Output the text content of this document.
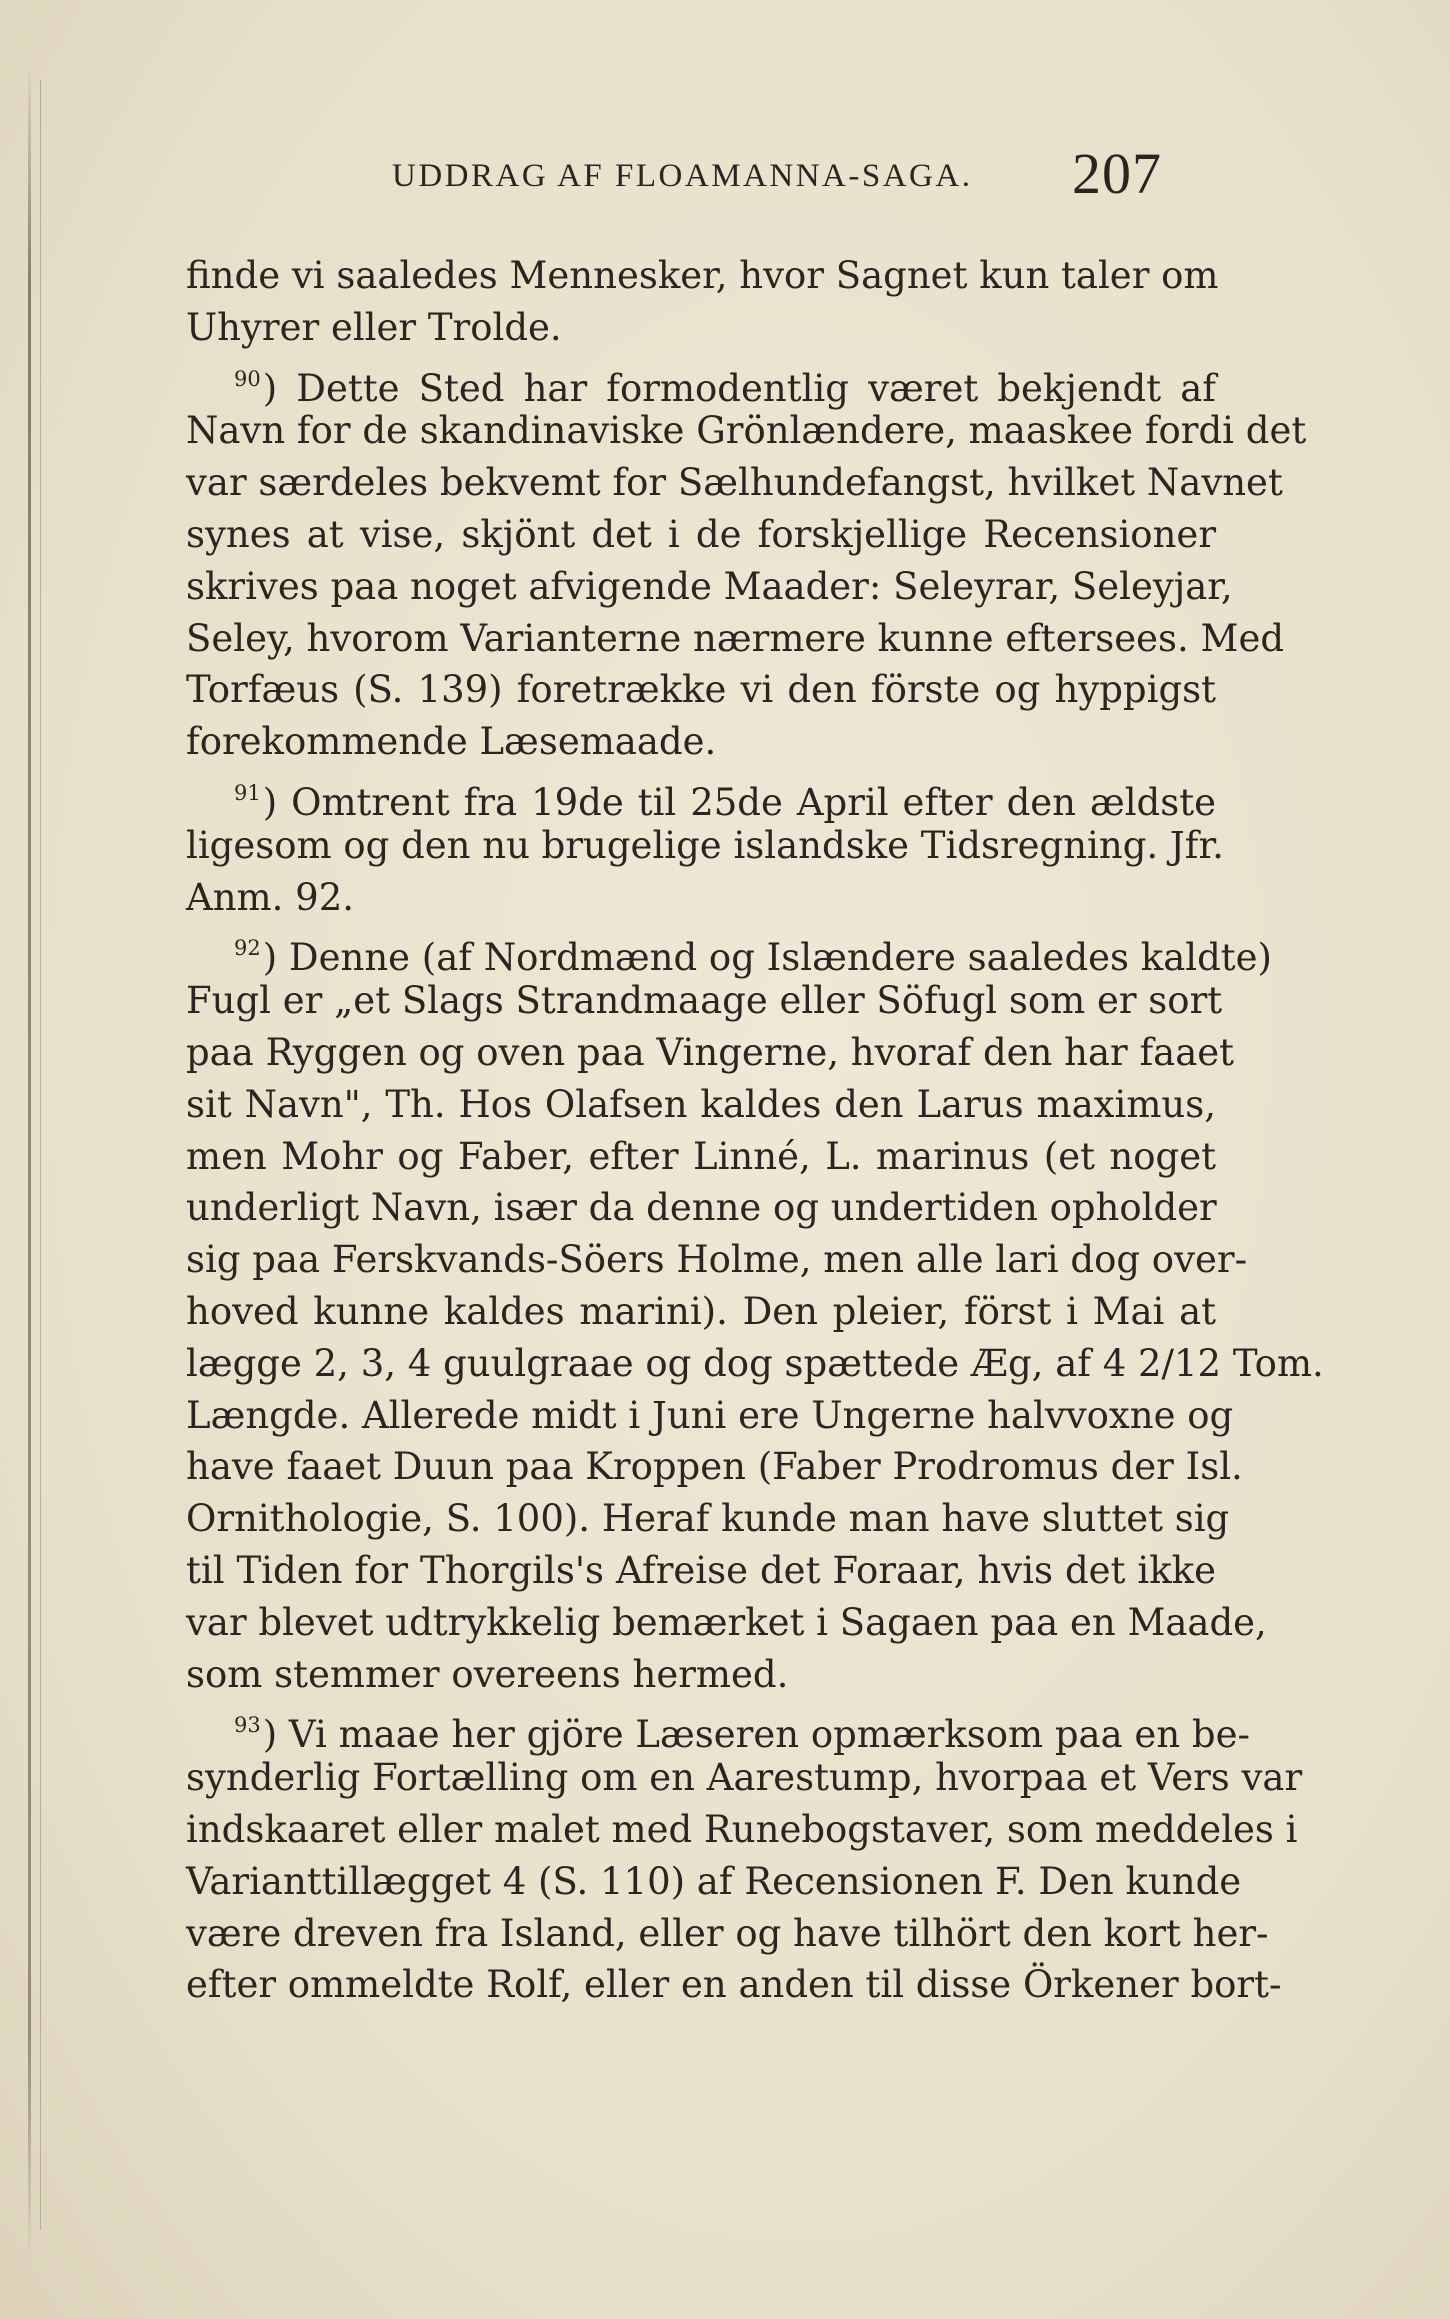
UDDRAG AF FLOAMANNA-SAGA. 207
finde vi saaledes Mennesker, hvor Sagnet kun taler om
Uhyrer eller Trolde.
$^{90}$) Dette Sted har formodentlig været bekjendt af
Navn for de skandinaviske Grönlændere, maaskee fordi det
var særdeles bekvemt for Sælhundefangst, hvilket Navnet
synes at vise, skjönt det i de forskjellige Recensioner
skrives paa noget afvigende Maader: Seleyrar, Seleyjar,
Seley, hvorom Varianterne nærmere kunne eftersees. Med
Torfæus (S. 139) foretrække vi den förste og hyppigst
forekommende Læsemaade.
$^{91}$) Omtrent fra 19de til 25de April efter den ældste
ligesom og den nu brugelige islandske Tidsregning. Jfr.
Anm. 92.
$^{92}$) Denne (af Nordmænd og Islændere saaledes kaldte)
Fugl er „et Slags Strandmaage eller Söfugl som er sort
paa Ryggen og oven paa Vingerne, hvoraf den har faaet
sit Navn", Th. Hos Olafsen kaldes den Larus maximus,
men Mohr og Faber, efter Linné, L. marinus (et noget
underligt Navn, især da denne og undertiden opholder
sig paa Ferskvands-Söers Holme, men alle lari dog over-
hoved kunne kaldes marini). Den pleier, först i Mai at
lægge 2, 3, 4 guulgraae og dog spættede Æg, af 4 2/12 Tom.
Længde. Allerede midt i Juni ere Ungerne halvvoxne og
have faaet Duun paa Kroppen (Faber Prodromus der Isl.
Ornithologie, S. 100). Heraf kunde man have sluttet sig
til Tiden for Thorgils's Afreise det Foraar, hvis det ikke
var blevet udtrykkelig bemærket i Sagaen paa en Maade,
som stemmer overeens hermed.
$^{93}$) Vi maae her gjöre Læseren opmærksom paa en be-
synderlig Fortælling om en Aarestump, hvorpaa et Vers var
indskaaret eller malet med Runebogstaver, som meddeles i
Varianttillægget 4 (S. 110) af Recensionen F. Den kunde
være dreven fra Island, eller og have tilhört den kort her-
efter ommeldte Rolf, eller en anden til disse Örkener bort-
